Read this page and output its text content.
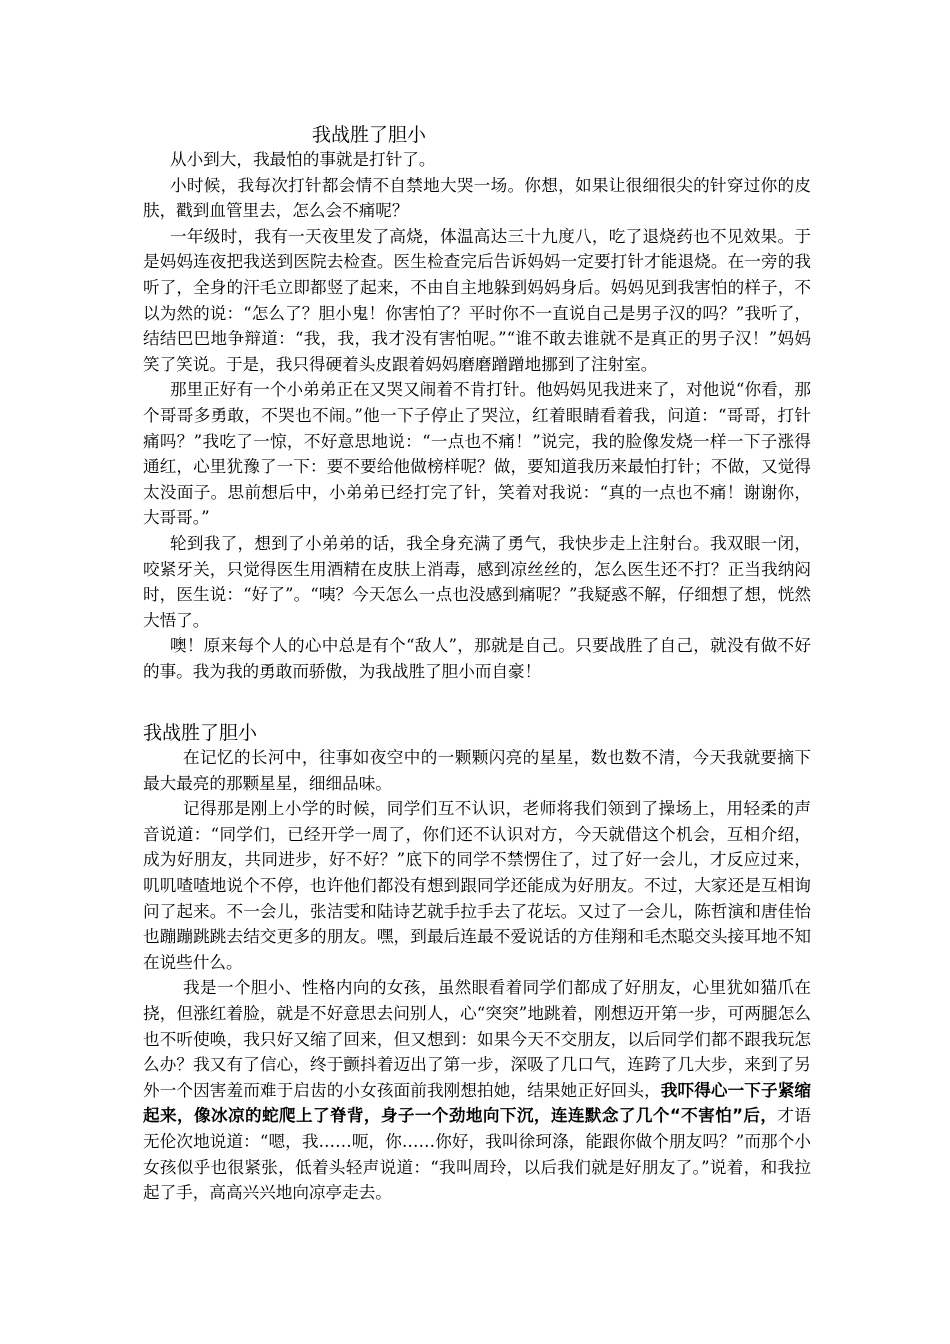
我战胜了胆小

从小到大，我最怕的事就是打针了。

小时候，我每次打针都会情不自禁地大哭一场。你想，如果让很细很尖的针穿过你的皮肤，戳到血管里去，怎么会不痛呢？

一年级时，我有一天夜里发了高烧，体温高达三十九度八，吃了退烧药也不见效果。于是妈妈连夜把我送到医院去检查。医生检查完后告诉妈妈一定要打针才能退烧。在一旁的我听了，全身的汗毛立即都竖了起来，不由自主地躲到妈妈身后。妈妈见到我害怕的样子，不以为然的说：“怎么了？胆小鬼！你害怕了？平时你不一直说自己是男子汉的吗？”我听了，结结巴巴地争辩道：“我，我，我才没有害怕呢。”“谁不敢去谁就不是真正的男子汉！”妈妈笑了笑说。于是，我只得硬着头皮跟着妈妈磨磨蹭蹭地挪到了注射室。

那里正好有一个小弟弟正在又哭又闹着不肯打针。他妈妈见我进来了，对他说“你看，那个哥哥多勇敢，不哭也不闹。”他一下子停止了哭泣，红着眼睛看着我，问道：“哥哥，打针痛吗？”我吃了一惊，不好意思地说：“一点也不痛！”说完，我的脸像发烧一样一下子涨得通红，心里犹豫了一下：要不要给他做榜样呢？做，要知道我历来最怕打针；不做，又觉得太没面子。思前想后中，小弟弟已经打完了针，笑着对我说：“真的一点也不痛！谢谢你，大哥哥。”

轮到我了，想到了小弟弟的话，我全身充满了勇气，我快步走上注射台。我双眼一闭，咬紧牙关，只觉得医生用酒精在皮肤上消毒，感到凉丝丝的，怎么医生还不打？正当我纳闷时，医生说：“好了”。“咦？今天怎么一点也没感到痛呢？”我疑惑不解，仔细想了想，恍然大悟了。

噢！原来每个人的心中总是有个“敌人”，那就是自己。只要战胜了自己，就没有做不好的事。我为我的勇敢而骄傲，为我战胜了胆小而自豪！

我战胜了胆小

在记忆的长河中，往事如夜空中的一颗颗闪亮的星星，数也数不清，今天我就要摘下最大最亮的那颗星星，细细品味。

记得那是刚上小学的时候，同学们互不认识，老师将我们领到了操场上，用轻柔的声音说道：“同学们，已经开学一周了，你们还不认识对方，今天就借这个机会，互相介绍，成为好朋友，共同进步，好不好？”底下的同学不禁愣住了，过了好一会儿，才反应过来，叽叽喳喳地说个不停，也许他们都没有想到跟同学还能成为好朋友。不过，大家还是互相询问了起来。不一会儿，张洁雯和陆诗艺就手拉手去了花坛。又过了一会儿，陈哲演和唐佳怡也蹦蹦跳跳去结交更多的朋友。嘿，到最后连最不爱说话的方佳翔和毛杰聪交头接耳地不知在说些什么。

我是一个胆小、性格内向的女孩，虽然眼看着同学们都成了好朋友，心里犹如猫爪在挠，但涨红着脸，就是不好意思去问别人，心“突突”地跳着，刚想迈开第一步，可两腿怎么也不听使唤，我只好又缩了回来，但又想到：如果今天不交朋友，以后同学们都不跟我玩怎么办？我又有了信心，终于颤抖着迈出了第一步，深吸了几口气，连跨了几大步，来到了另外一个因害羞而难于启齿的小女孩面前我刚想拍她，结果她正好回头，我吓得心一下子紧缩起来，像冰凉的蛇爬上了脊背，身子一个劲地向下沉，连连默念了几个“不害怕”后，才语无伦次地说道：“嗯，我……呃，你……你好，我叫徐珂涤，能跟你做个朋友吗？”而那个小女孩似乎也很紧张，低着头轻声说道：“我叫周玲，以后我们就是好朋友了。”说着，和我拉起了手，高高兴兴地向凉亭走去。
